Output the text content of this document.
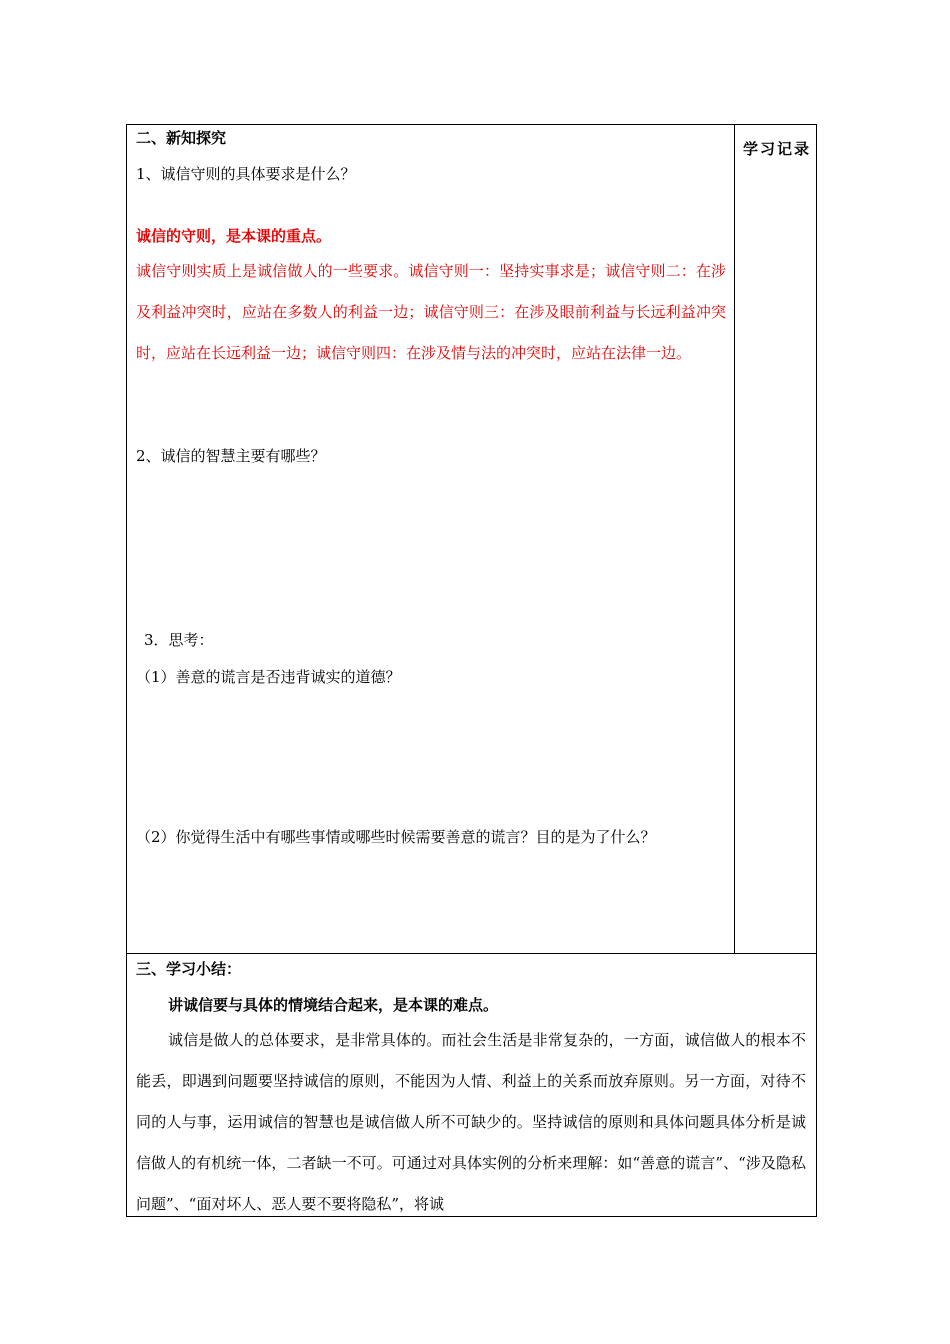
二、新知探究
1、诚信守则的具体要求是什么？
诚信的守则，是本课的重点。
诚信守则实质上是诚信做人的一些要求。诚信守则一：坚持实事求是；诚信守则二：在涉及利益冲突时，应站在多数人的利益一边；诚信守则三：在涉及眼前利益与长远利益冲突时，应站在长远利益一边；诚信守则四：在涉及情与法的冲突时，应站在法律一边。
2、诚信的智慧主要有哪些？
3．思考：
（1）善意的谎言是否违背诚实的道德？
（2）你觉得生活中有哪些事情或哪些时候需要善意的谎言？目的是为了什么？

学习记录

三、学习小结：
讲诚信要与具体的情境结合起来，是本课的难点。
诚信是做人的总体要求，是非常具体的。而社会生活是非常复杂的，一方面，诚信做人的根本不能丢，即遇到问题要坚持诚信的原则，不能因为人情、利益上的关系而放弃原则。另一方面，对待不同的人与事，运用诚信的智慧也是诚信做人所不可缺少的。坚持诚信的原则和具体问题具体分析是诚信做人的有机统一体，二者缺一不可。可通过对具体实例的分析来理解：如“善意的谎言”、“涉及隐私问题”、“面对坏人、恶人要不要将隐私”，将诚
